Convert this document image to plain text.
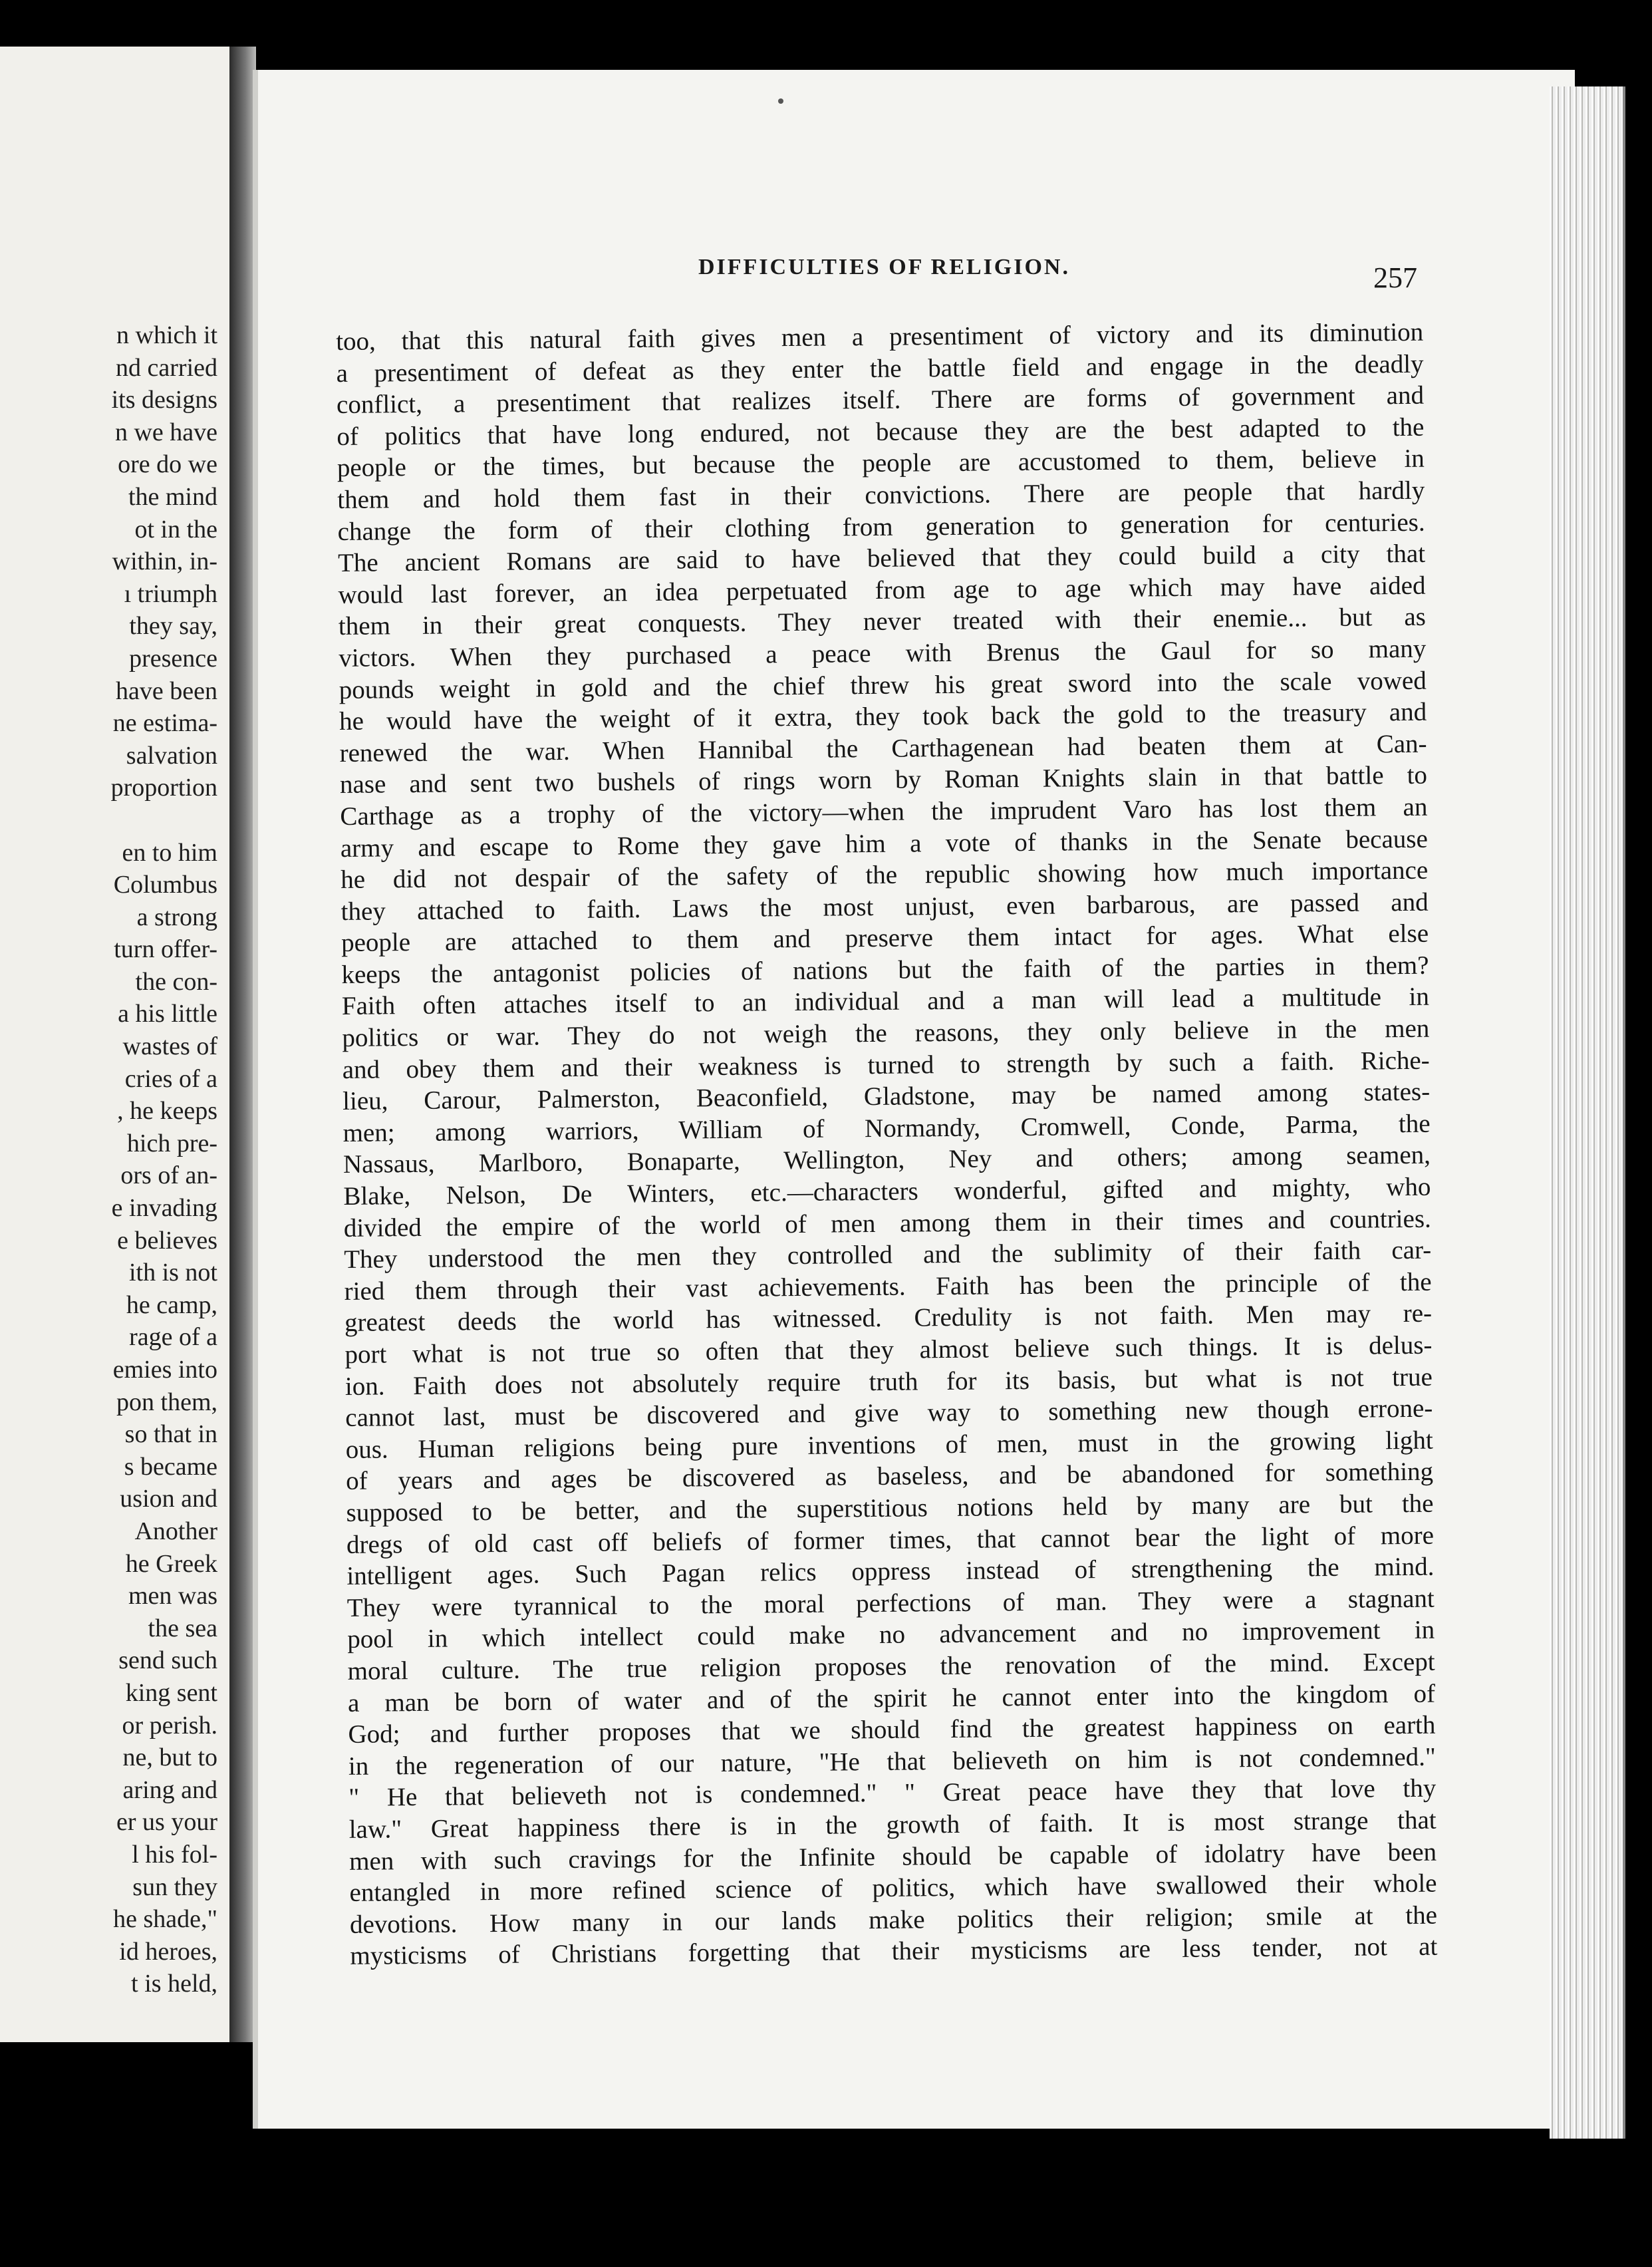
n which it
nd carried
its designs
n we have
ore do we
the mind
ot in the
within, in-
ı triumph
they say,
presence
have been
ne estima-
salvation
proportion
en to him
Columbus
a strong
turn offer-
the con-
a his little
wastes of
cries of a
, he keeps
hich pre-
ors of an-
e invading
e believes
ith is not
he camp,
rage of a
emies into
pon them,
so that in
s became
usion and
Another
he Greek
men was
the sea
send such
king sent
or perish.
ne, but to
aring and
er us your
l his fol-
sun they
he shade,"
id heroes,
t is held,
DIFFICULTIES OF RELIGION.	257
too, that this natural faith gives men a presentiment of victory and its diminution
a presentiment of defeat as they enter the battle field and engage in the deadly
conflict, a presentiment that realizes itself. There are forms of government and
of politics that have long endured, not because they are the best adapted to the
people or the times, but because the people are accustomed to them, believe in
them and hold them fast in their convictions. There are people that hardly
change the form of their clothing from generation to generation for centuries.
The ancient Romans are said to have believed that they could build a city that
would last forever, an idea perpetuated from age to age which may have aided
them in their great conquests. They never treated with their enemie... but as
victors. When they purchased a peace with Brenus the Gaul for so many
pounds weight in gold and the chief threw his great sword into the scale vowed
he would have the weight of it extra, they took back the gold to the treasury and
renewed the war. When Hannibal the Carthagenean had beaten them at Can-
nase and sent two bushels of rings worn by Roman Knights slain in that battle to
Carthage as a trophy of the victory—when the imprudent Varo has lost them an
army and escape to Rome they gave him a vote of thanks in the Senate because
he did not despair of the safety of the republic showing how much importance
they attached to faith. Laws the most unjust, even barbarous, are passed and
people are attached to them and preserve them intact for ages. What else
keeps the antagonist policies of nations but the faith of the parties in them?
Faith often attaches itself to an individual and a man will lead a multitude in
politics or war. They do not weigh the reasons, they only believe in the men
and obey them and their weakness is turned to strength by such a faith. Riche-
lieu, Carour, Palmerston, Beaconfield, Gladstone, may be named among states-
men; among warriors, William of Normandy, Cromwell, Conde, Parma, the
Nassaus, Marlboro, Bonaparte, Wellington, Ney and others; among seamen,
Blake, Nelson, De Winters, etc.—characters wonderful, gifted and mighty, who
divided the empire of the world of men among them in their times and countries.
They understood the men they controlled and the sublimity of their faith car-
ried them through their vast achievements. Faith has been the principle of the
greatest deeds the world has witnessed. Credulity is not faith. Men may re-
port what is not true so often that they almost believe such things. It is delus-
ion. Faith does not absolutely require truth for its basis, but what is not true
cannot last, must be discovered and give way to something new though errone-
ous. Human religions being pure inventions of men, must in the growing light
of years and ages be discovered as baseless, and be abandoned for something
supposed to be better, and the superstitious notions held by many are but the
dregs of old cast off beliefs of former times, that cannot bear the light of more
intelligent ages. Such Pagan relics oppress instead of strengthening the mind.
They were tyrannical to the moral perfections of man. They were a stagnant
pool in which intellect could make no advancement and no improvement in
moral culture. The true religion proposes the renovation of the mind. Except
a man be born of water and of the spirit he cannot enter into the kingdom of
God; and further proposes that we should find the greatest happiness on earth
in the regeneration of our nature, "He that believeth on him is not condemned."
" He that believeth not is condemned." " Great peace have they that love thy
law." Great happiness there is in the growth of faith. It is most strange that
men with such cravings for the Infinite should be capable of idolatry have been
entangled in more refined science of politics, which have swallowed their whole
devotions. How many in our lands make politics their religion; smile at the
mysticisms of Christians forgetting that their mysticisms are less tender, not at
